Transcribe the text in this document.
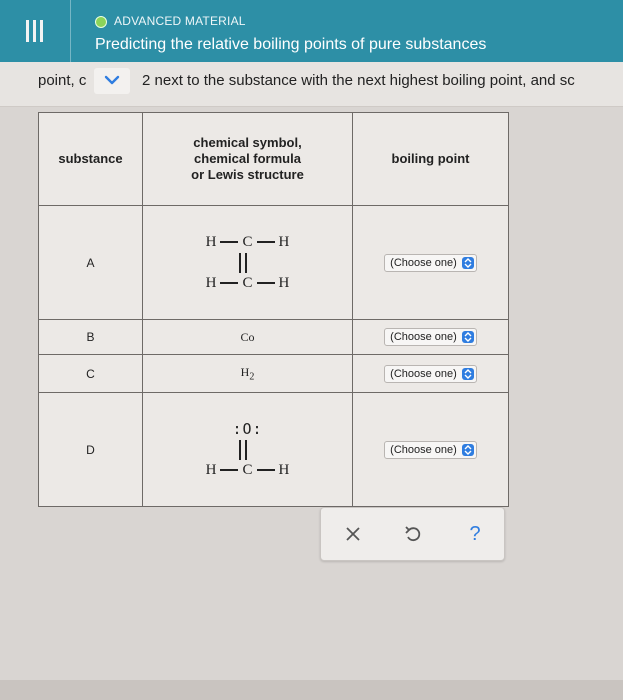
ADVANCED MATERIAL
Predicting the relative boiling points of pure substances
point, c	2 next to the substance with the next highest boiling point, and sc
substance	chemical symbol,
chemical formula
or Lewis structure	boiling point
A	H C H
H C H	(Choose one)

B	Co	(Choose one)

C	$H_2$	(Choose one)

D	:O:
H C H	(Choose one)
?
